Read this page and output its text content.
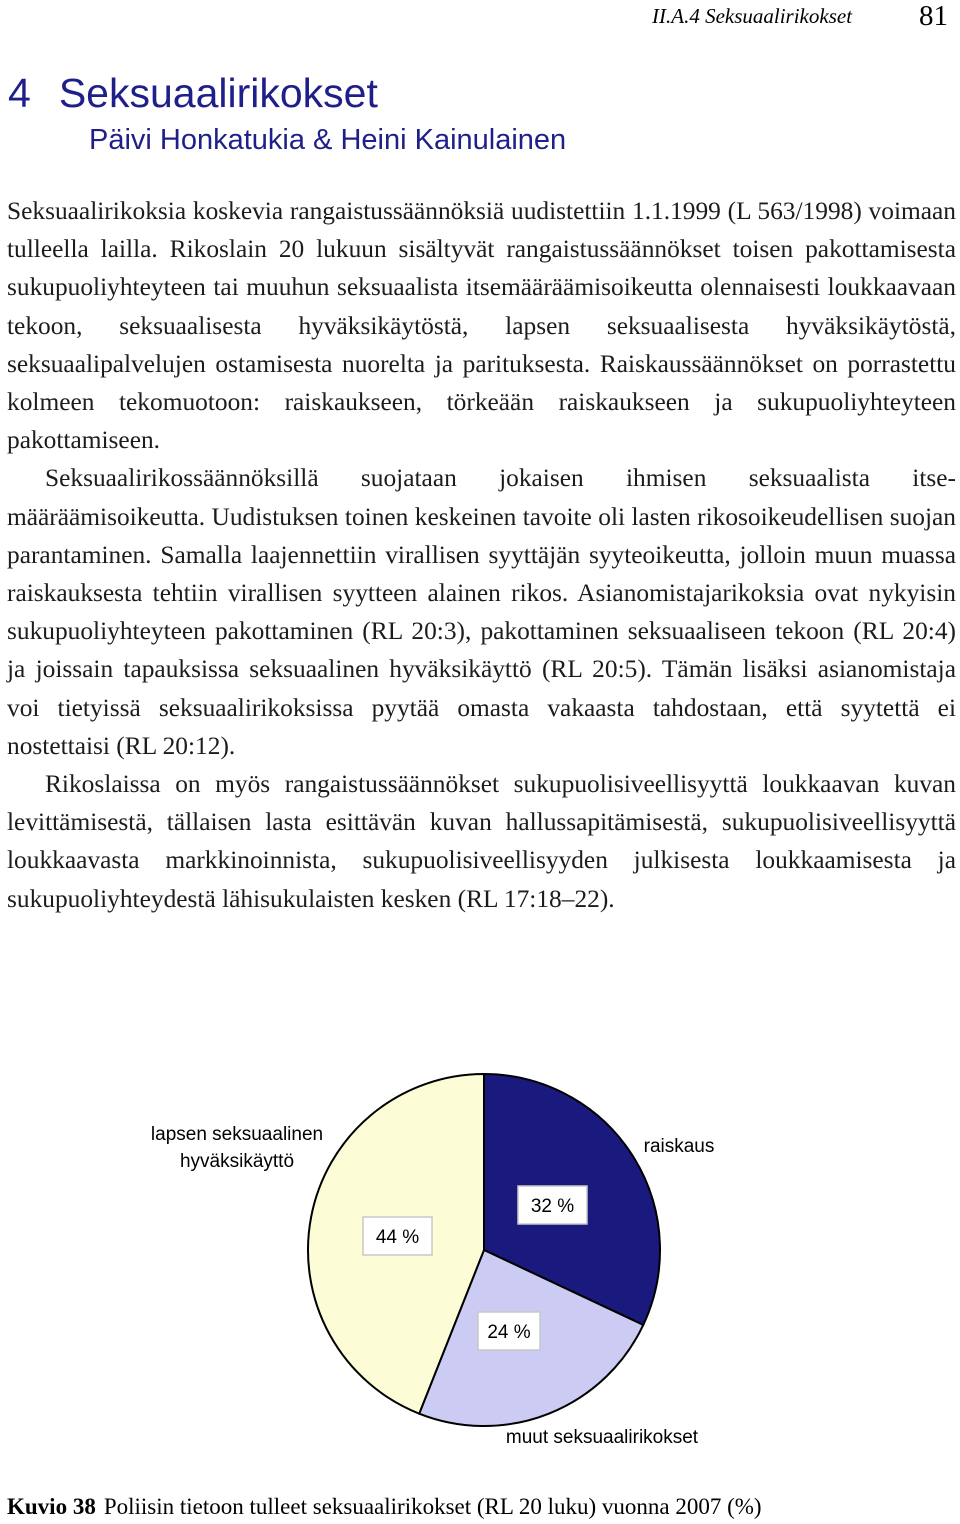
II.A.4 Seksuaalirikokset 81
4 Seksuaalirikokset
Päivi Honkatukia & Heini Kainulainen

Seksuaalirikoksia koskevia rangaistussäännöksiä uudistettiin 1.1.1999 (L 563/1998) voimaan tulleella lailla. Rikoslain 20 lukuun sisältyvät rangaistussäännökset toisen pakottamisesta sukupuoliyhteyteen tai muuhun seksuaalista itsemääräämisoikeutta olennaisesti loukkaavaan tekoon, seksuaalisesta hyväksikäytöstä, lapsen seksuaalisesta hyväksikäytöstä, seksuaalipalvelujen ostamisesta nuorelta ja parituksesta. Raiskaussäännökset on porrastettu kolmeen tekomuotoon: raiskaukseen, törkeään raiskaukseen ja sukupuoliyhteyteen pakottamiseen.

Seksuaalirikossäännöksillä suojataan jokaisen ihmisen seksuaalista itsemääräämisoikeutta. Uudistuksen toinen keskeinen tavoite oli lasten rikosoikeudellisen suojan parantaminen. Samalla laajennettiin virallisen syyttäjän syyteoikeutta, jolloin muun muassa raiskauksesta tehtiin virallisen syytteen alainen rikos. Asianomistajarikoksia ovat nykyisin sukupuoliyhteyteen pakottaminen (RL 20:3), pakottaminen seksuaaliseen tekoon (RL 20:4) ja joissain tapauksissa seksuaalinen hyväksikäyttö (RL 20:5). Tämän lisäksi asianomistaja voi tietyissä seksuaalirikoksissa pyytää omasta vakaasta tahdostaan, että syytettä ei nostettaisi (RL 20:12).

Rikoslaissa on myös rangaistussäännökset sukupuolisiveellisyyttä loukkaavan kuvan levittämisestä, tällaisen lasta esittävän kuvan hallussapitämisestä, sukupuolisiveellisyyttä loukkaavasta markkinoinnista, sukupuolisiveellisyyden julkisesta loukkaamisesta ja sukupuoliyhteydestä lähisukulaisten kesken (RL 17:18–22).

raiskaus
lapsen seksuaalinen
hyväksikäyttö
muut seksuaalirikokset
32 %
44 %
24 %
Kuvio 38 Poliisin tietoon tulleet seksuaalirikokset (RL 20 luku) vuonna 2007 (%)
